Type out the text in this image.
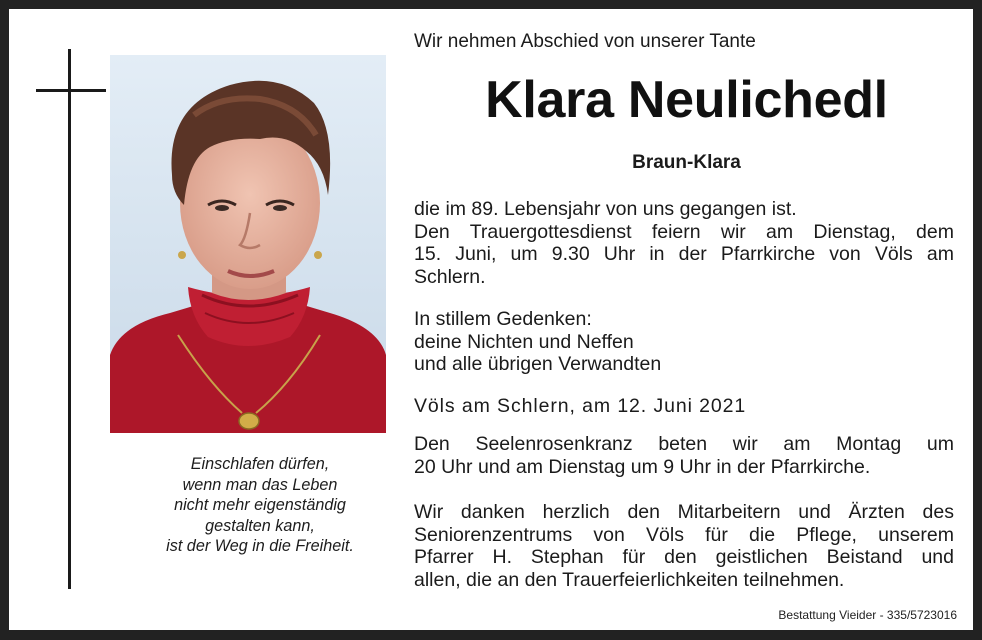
Einschlafen dürfen,
wenn man das Leben
nicht mehr eigenständig
gestalten kann,
ist der Weg in die Freiheit.
Wir nehmen Abschied von unserer Tante
Klara Neulichedl
Braun-Klara
die im 89. Lebensjahr von uns gegangen ist.
Den Trauergottesdienst feiern wir am Dienstag, dem
15. Juni, um 9.30 Uhr in der Pfarrkirche von Völs am
Schlern.
In stillem Gedenken:
deine Nichten und Neffen
und alle übrigen Verwandten
Völs am Schlern, am 12. Juni 2021
Den Seelenrosenkranz beten wir am Montag um
20 Uhr und am Dienstag um 9 Uhr in der Pfarrkirche.
Wir danken herzlich den Mitarbeitern und Ärzten des
Seniorenzentrums von Völs für die Pflege, unserem
Pfarrer H. Stephan für den geistlichen Beistand und
allen, die an den Trauerfeierlichkeiten teilnehmen.
Bestattung Vieider - 335/5723016
